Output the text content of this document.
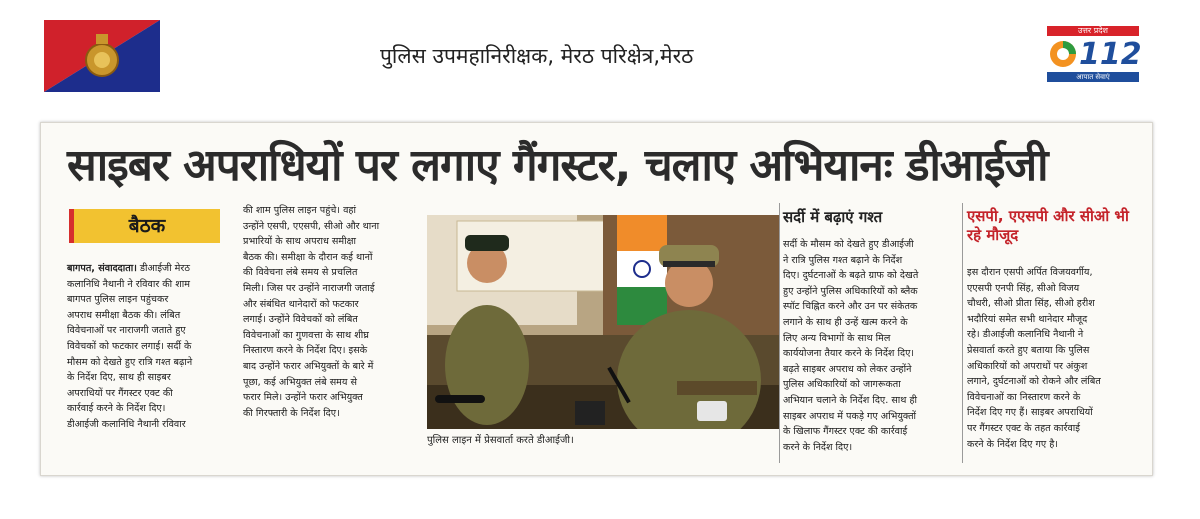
पुलिस उपमहानिरीक्षक, मेरठ परिक्षेत्र,मेरठ
उत्तर प्रदेश
112
आपात सेवाएं
साइबर अपराधियों पर लगाए गैंगस्टर, चलाए अभियानः डीआईजी
बैठक
बागपत, संवाददाता। डीआईजी मेरठ
कलानिधि नैथानी ने रविवार की शाम
बागपत पुलिस लाइन पहुंचकर
अपराध समीक्षा बैठक की। लंबित
विवेचनाओं पर नाराजगी जताते हुए
विवेचकों को फटकार लगाई। सर्दी के
मौसम को देखते हुए रात्रि गश्त बढ़ाने
के निर्देश दिए, साथ ही साइबर
अपराधियों पर गैंगस्टर एक्ट की
कार्रवाई करने के निर्देश दिए।
डीआईजी कलानिधि नैथानी रविवार
की शाम पुलिस लाइन पहुंचे। वहां
उन्होंने एसपी, एएसपी, सीओ और थाना
प्रभारियों के साथ अपराध समीक्षा
बैठक की। समीक्षा के दौरान कई थानों
की विवेचना लंबे समय से प्रचलित
मिली। जिस पर उन्होंने नाराजगी जताई
और संबंधित थानेदारों को फटकार
लगाई। उन्होंने विवेचकों को लंबित
विवेचनाओं का गुणवत्ता के साथ शीघ्र
निस्तारण करने के निर्देश दिए। इसके
बाद उन्होंने फरार अभियुक्तों के बारे में
पूछा, कई अभियुक्त लंबे समय से
फरार मिले। उन्होंने फरार अभियुक्त
की गिरफ्तारी के निर्देश दिए।
पुलिस लाइन में प्रेसवार्ता करते डीआईजी।
सर्दी में बढ़ाएं गश्त
सर्दी के मौसम को देखते हुए डीआईजी
ने रात्रि पुलिस गश्त बढ़ाने के निर्देश
दिए। दुर्घटनाओं के बढ़ते ग्राफ को देखते
हुए उन्होंने पुलिस अधिकारियों को ब्लैक
स्पॉट चिह्नित करने और उन पर संकेतक
लगाने के साथ ही उन्हें खत्म करने के
लिए अन्य विभागों के साथ मिल
कार्ययोजना तैयार करने के निर्देश दिए।
बढ़ते साइबर अपराध को लेकर उन्होंने
पुलिस अधिकारियों को जागरूकता
अभियान चलाने के निर्देश दिए. साथ ही
साइबर अपराध में पकड़े गए अभियुक्तों
के खिलाफ गैंगस्टर एक्ट की कार्रवाई
करने के निर्देश दिए।
एसपी, एएसपी और सीओ भी रहे मौजूद
इस दौरान एसपी अर्पित विजयवर्गीय,
एएसपी एनपी सिंह, सीओ विजय
चौधरी, सीओ प्रीता सिंह, सीओ हरीश
भदौरियां समेत सभी थानेदार मौजूद
रहे। डीआईजी कलानिधि नैथानी ने
प्रेसवार्ता करते हुए बताया कि पुलिस
अधिकारियों को अपराधों पर अंकुश
लगाने, दुर्घटनाओं को रोकने और लंबित
विवेचनाओं का निस्तारण करने के
निर्देश दिए गए हैं। साइबर अपराधियों
पर गैंगस्टर एक्ट के तहत कार्रवाई
करने के निर्देश दिए गए है।
